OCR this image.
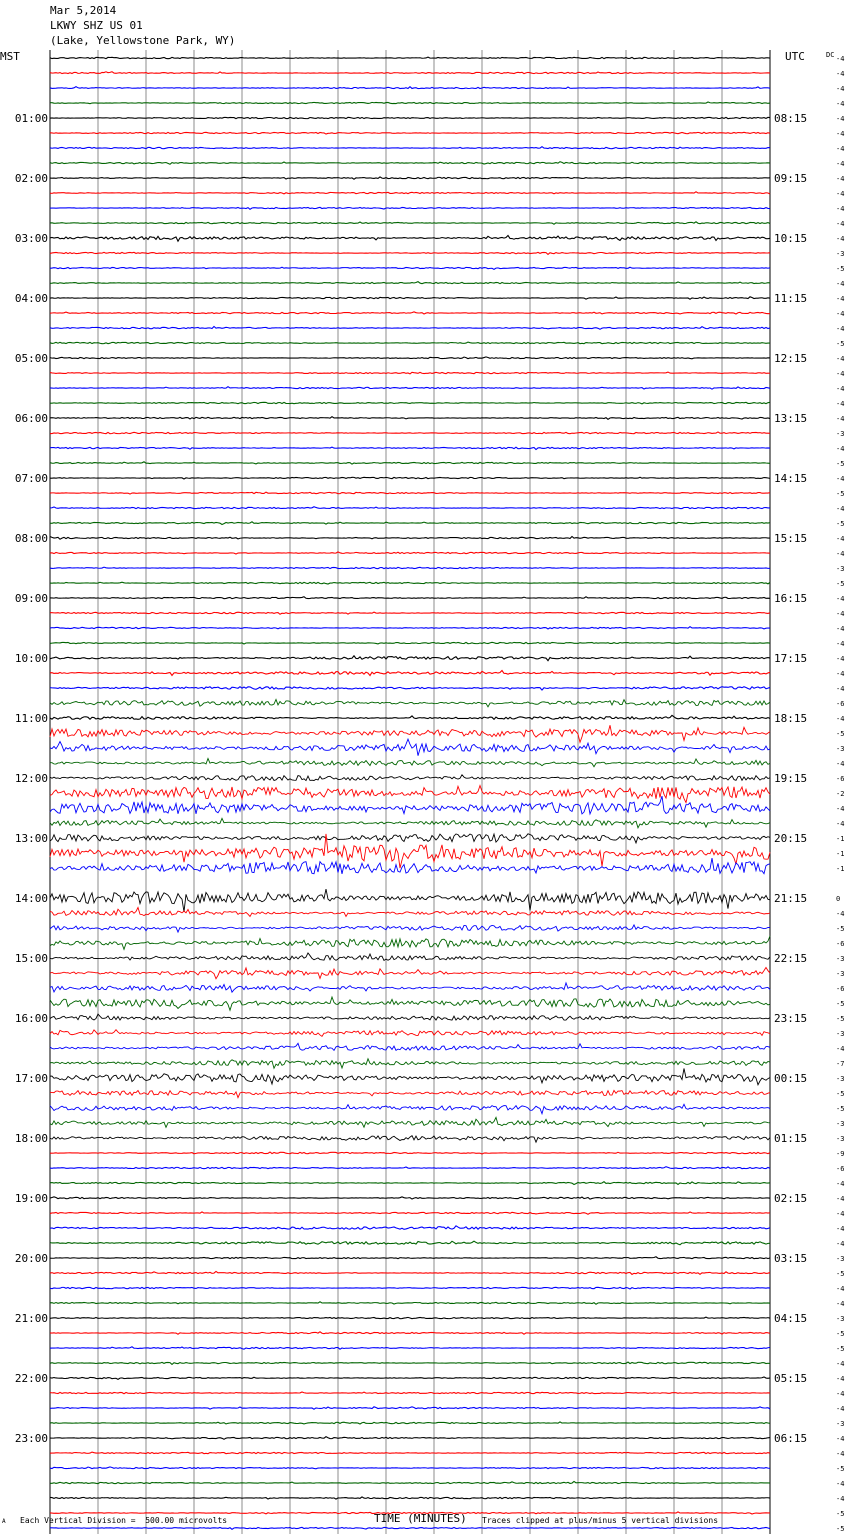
Mar 5,2014
LKWY SHZ US 01
(Lake, Yellowstone Park, WY)
MST	UTC	DC -4
-4
-4
-4
-4
-4
-4
-4
-4
-4
-4
-4
-4
-3
-5
-4
-4
-4
-4
-5
-4
-4
-4
-4
-4
-3
-4
-5
-4
-5
-4
-5
-4
-4
-3
-5
-4
-4
-4
-4
-4
-4
-4
-6
-4
-5
-3
-4
-6
-2
-4
-4
-1
-1
-1
0
-4
-5
-6
-3
-3
-6
-5
-5
-3
-4
-7
-3
-5
-5
-3
-3
-9
-6
-4
-4
-4
-4
-4
-3
-5
-4
-4
-3
-5
-5
-4
-4
-4
-4
-3
-4
-4
-5
-4
-4
-5
-5
01:00
02:00
03:00
04:00
05:00
06:00
07:00
08:00
09:00
10:00
11:00
12:00
13:00
14:00
15:00
16:00
17:00
18:00
19:00
20:00
21:00
22:00
23:00
08:15
09:15
10:15
11:15
12:15
13:15
14:15
15:15
16:15
17:15
18:15
19:15
20:15
21:15
22:15
23:15
00:15
01:15
02:15
03:15
04:15
05:15
06:15
A Each Vertical Division =  500.00 microvolts	TIME (MINUTES) Traces clipped at plus/minus 5 vertical divisions
